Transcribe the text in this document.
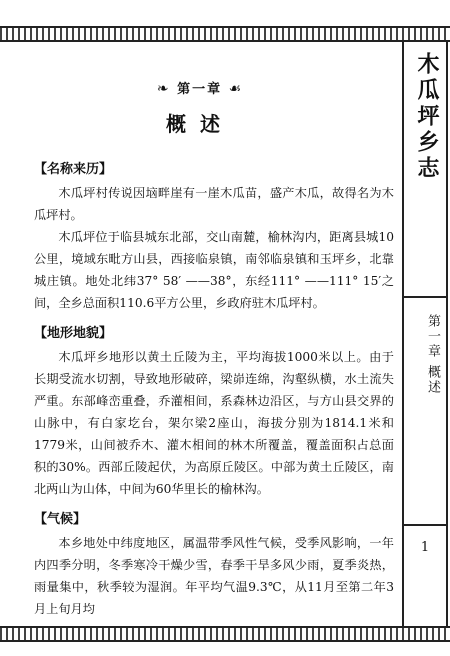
木瓜坪乡志
第一章 概述
1
❧ 第一章 ☙
概述
【名称来历】

木瓜坪村传说因垴畔崖有一崖木瓜苗，盛产木瓜，故得名为木瓜坪村。

木瓜坪位于临县城东北部，交山南麓，榆林沟内，距离县城10公里，境域东毗方山县，西接临泉镇，南邻临泉镇和玉坪乡，北靠城庄镇。地处北纬37° 58′ ——38°，东经111° ——111° 15′之间，全乡总面积110.6平方公里，乡政府驻木瓜坪村。

【地形地貌】

木瓜坪乡地形以黄土丘陵为主，平均海拔1000米以上。由于长期受流水切割，导致地形破碎，梁峁连绵，沟壑纵横，水土流失严重。东部峰峦重叠，乔灌相间，系森林边沿区，与方山县交界的山脉中，有白家圪台，架尔梁2座山，海拔分别为1814.1米和1779米，山间被乔木、灌木相间的林木所覆盖，覆盖面积占总面积的30%。西部丘陵起伏，为高原丘陵区。中部为黄土丘陵区，南北两山为山体，中间为60华里长的榆林沟。

【气候】

本乡地处中纬度地区，属温带季风性气候，受季风影响，一年内四季分明，冬季寒冷干燥少雪，春季干旱多风少雨，夏季炎热，雨量集中，秋季较为湿润。年平均气温9.3℃，从11月至第二年3月上旬月均
